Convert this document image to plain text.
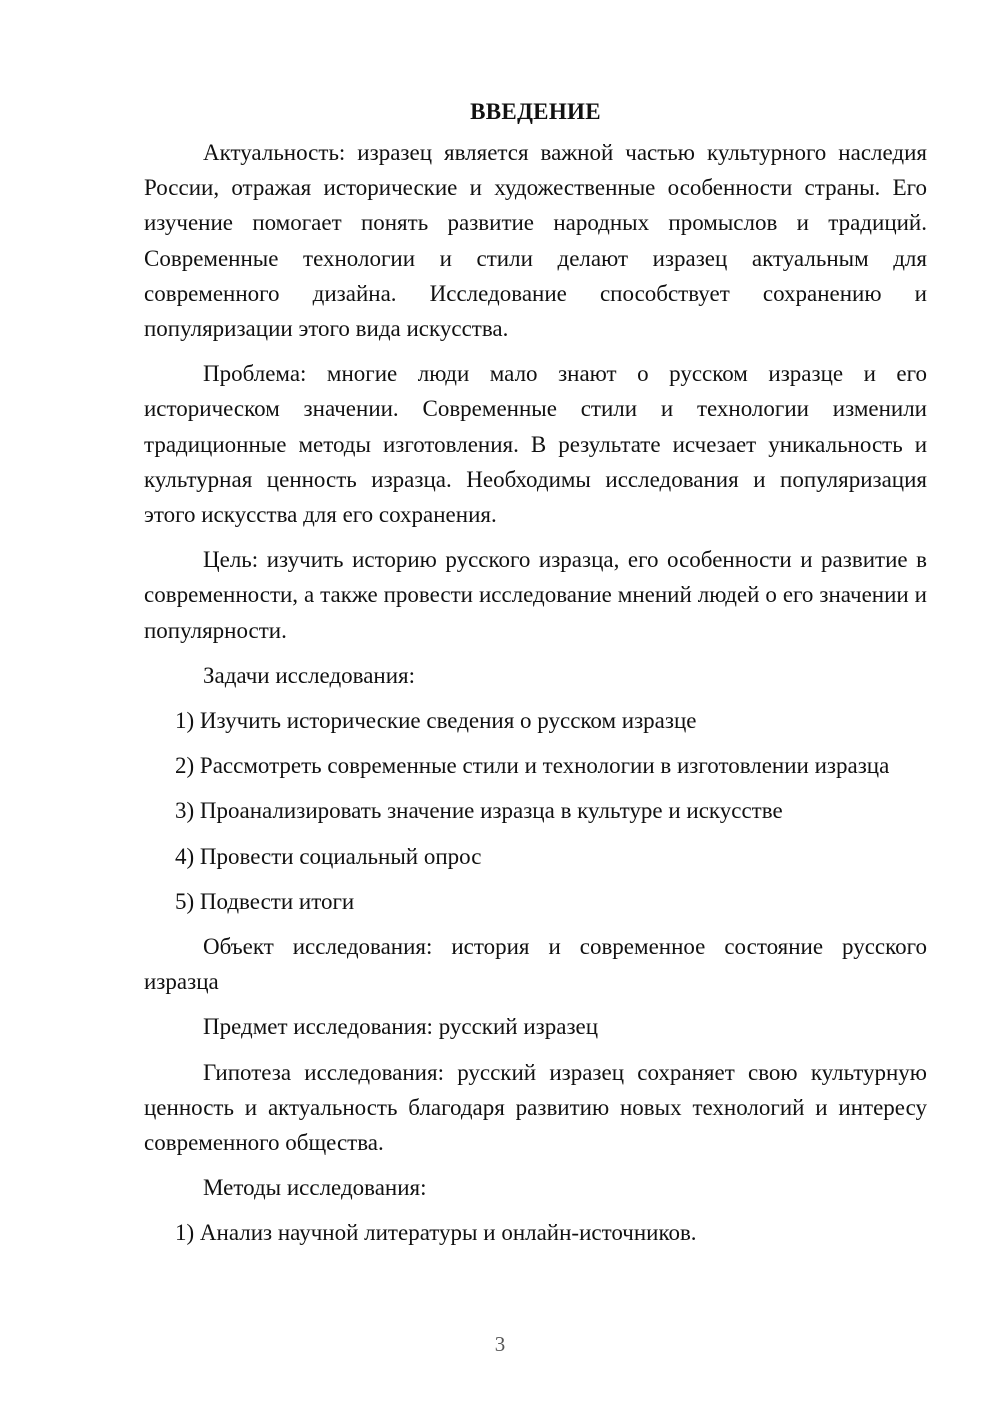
ВВЕДЕНИЕ
Актуальность: изразец является важной частью культурного наследия России, отражая исторические и художественные особенности страны. Его изучение помогает понять развитие народных промыслов и традиций. Современные технологии и стили делают изразец актуальным для современного дизайна. Исследование способствует сохранению и популяризации этого вида искусства.
Проблема: многие люди мало знают о русском изразце и его историческом значении. Современные стили и технологии изменили традиционные методы изготовления. В результате исчезает уникальность и культурная ценность изразца. Необходимы исследования и популяризация этого искусства для его сохранения.
Цель: изучить историю русского изразца, его особенности и развитие в современности, а также провести исследование мнений людей о его значении и популярности.
Задачи исследования:
1) Изучить исторические сведения о русском изразце
2) Рассмотреть современные стили и технологии в изготовлении изразца
3) Проанализировать значение изразца в культуре и искусстве
4) Провести социальный опрос
5) Подвести итоги
Объект исследования: история и современное состояние русского изразца
Предмет исследования: русский изразец
Гипотеза исследования: русский изразец сохраняет свою культурную ценность и актуальность благодаря развитию новых технологий и интересу современного общества.
Методы исследования:
1) Анализ научной литературы и онлайн-источников.
3
